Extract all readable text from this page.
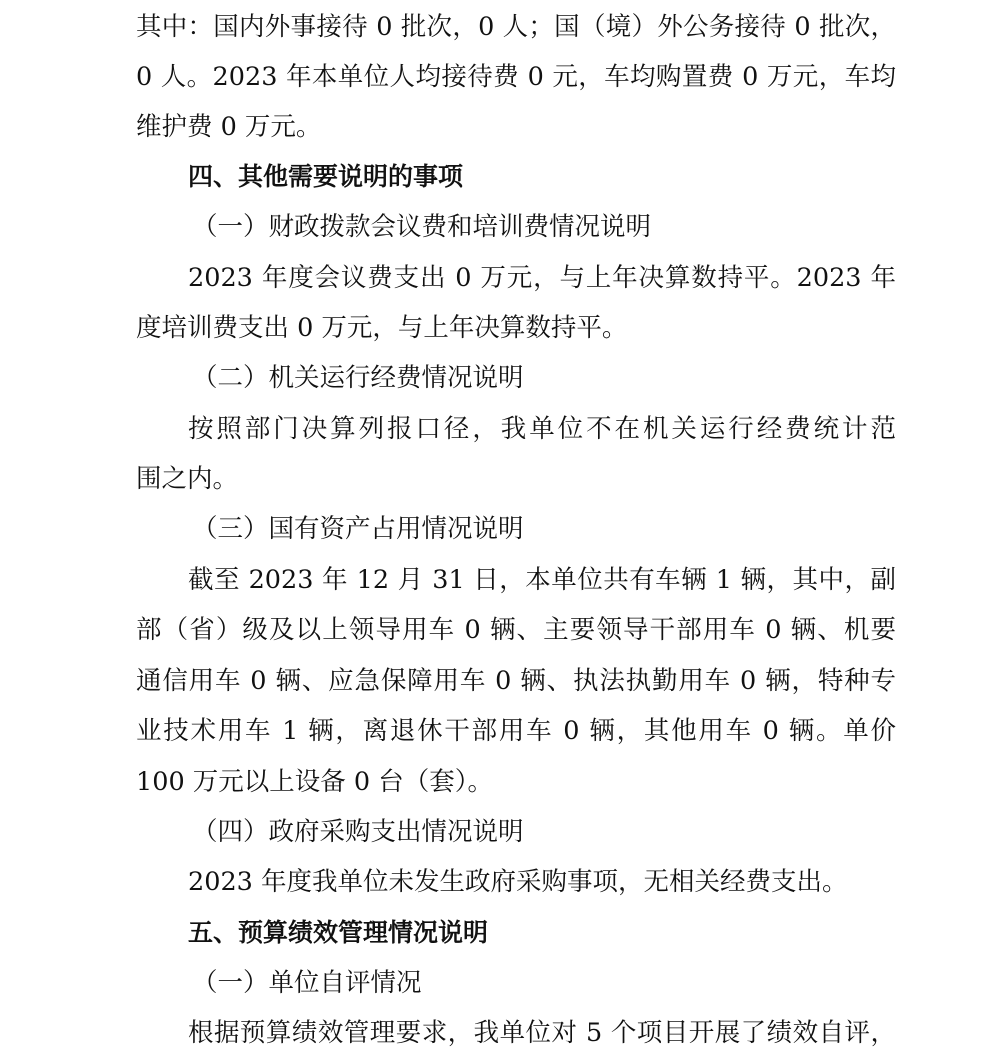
其中：国内外事接待 0 批次，0 人；国（境）外公务接待 0 批次，

0 人。2023 年本单位人均接待费 0 元，车均购置费 0 万元，车均

维护费 0 万元。

四、其他需要说明的事项

（一）财政拨款会议费和培训费情况说明

2023 年度会议费支出 0 万元，与上年决算数持平。2023 年

度培训费支出 0 万元，与上年决算数持平。

（二）机关运行经费情况说明

按照部门决算列报口径，我单位不在机关运行经费统计范

围之内。

（三）国有资产占用情况说明

截至 2023 年 12 月 31 日，本单位共有车辆 1 辆，其中，副

部（省）级及以上领导用车 0 辆、主要领导干部用车 0 辆、机要

通信用车 0 辆、应急保障用车 0 辆、执法执勤用车 0 辆，特种专

业技术用车 1 辆，离退休干部用车 0 辆，其他用车 0 辆。单价

100 万元以上设备 0 台（套）。

（四）政府采购支出情况说明

2023 年度我单位未发生政府采购事项，无相关经费支出。

五、预算绩效管理情况说明

（一）单位自评情况

根据预算绩效管理要求，我单位对 5 个项目开展了绩效自评，
